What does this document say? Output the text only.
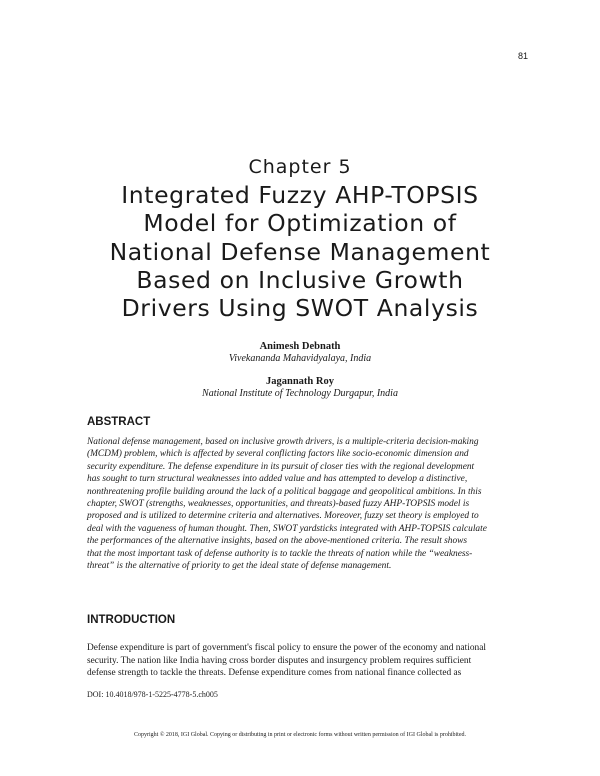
81
Chapter 5
Integrated Fuzzy AHP-TOPSIS
Model for Optimization of
National Defense Management
Based on Inclusive Growth
Drivers Using SWOT Analysis
Animesh Debnath
Vivekananda Mahavidyalaya, India
Jagannath Roy
National Institute of Technology Durgapur, India
ABSTRACT
National defense management, based on inclusive growth drivers, is a multiple-criteria decision-making
(MCDM) problem, which is affected by several conflicting factors like socio-economic dimension and
security expenditure. The defense expenditure in its pursuit of closer ties with the regional development
has sought to turn structural weaknesses into added value and has attempted to develop a distinctive,
nonthreatening profile building around the lack of a political baggage and geopolitical ambitions. In this
chapter, SWOT (strengths, weaknesses, opportunities, and threats)-based fuzzy AHP-TOPSIS model is
proposed and is utilized to determine criteria and alternatives. Moreover, fuzzy set theory is employed to
deal with the vagueness of human thought. Then, SWOT yardsticks integrated with AHP-TOPSIS calculate
the performances of the alternative insights, based on the above-mentioned criteria. The result shows
that the most important task of defense authority is to tackle the threats of nation while the “weakness-
threat” is the alternative of priority to get the ideal state of defense management.
INTRODUCTION
Defense expenditure is part of government's fiscal policy to ensure the power of the economy and national
security. The nation like India having cross border disputes and insurgency problem requires sufficient
defense strength to tackle the threats. Defense expenditure comes from national finance collected as
DOI: 10.4018/978-1-5225-4778-5.ch005
Copyright © 2018, IGI Global. Copying or distributing in print or electronic forms without written permission of IGI Global is prohibited.
